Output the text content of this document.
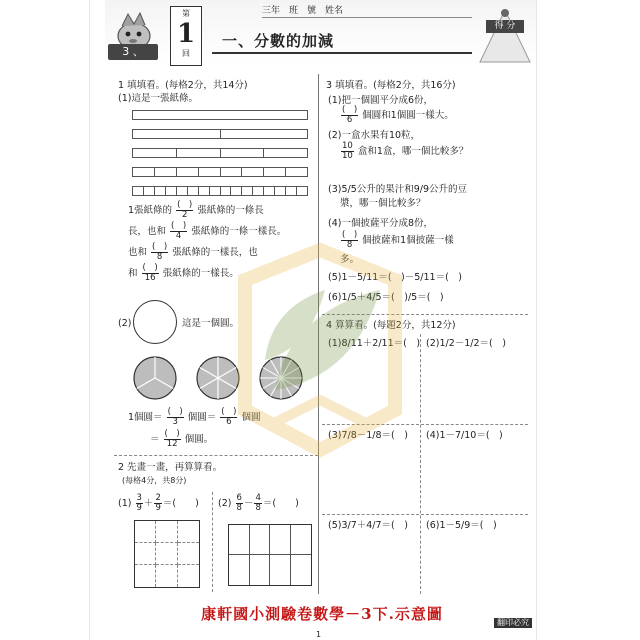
3 、
第
1
回
一、分數的加減
三年　班　號　姓名
得 分
1 填填看。(每格2分，共14分)
(1)這是一張紙條。
1張紙條的 $\frac{( )}{2}$ 張紙條的一條長
長，也和 $\frac{( )}{4}$ 張紙條的一條一樣長。
也和 $\frac{( )}{8}$ 張紙條的一樣長，也
和 $\frac{( )}{16}$ 張紙條的一樣長。
(2)	這是一個圓。
1個圓＝ $\frac{( )}{3}$ 個圓＝ $\frac{( )}{6}$ 個圓
＝ $\frac{( )}{12}$ 個圓。
2 先畫一畫，再算算看。
(每格4分，共8分)
$(1) \frac{3}{9} + \frac{2}{9}$ ＝(　　) $(2) \frac{6}{8} - \frac{4}{8}$ ＝(　　)
3 填填看。(每格2分，共16分)
(1)把一個圓平分成6份，
$\frac{( )}{6}$ 個圓和1個圓一樣大。
(2)一盒水果有10粒，
$\frac{10}{10}$ 盒和1盒，哪一個比較多？
(3)5/5公升的果汁和9/9公升的豆
漿，哪一個比較多？
(4)一個披薩平分成8份，
$\frac{( )}{8}$ 個披薩和1個披薩一樣
多。
(5)1－5/11＝(　)－5/11＝(　)
(6)1/5＋4/5＝(　)/5＝(　)
4 算算看。(每題2分，共12分)
(1)8/11＋2/11＝(　) (2)1/2－1/2＝(　)
(3)7/8－1/8＝(　) (4)1－7/10＝(　)
(5)3/7＋4/7＝(　) (6)1－5/9＝(　)
康軒國小測驗卷數學－3下.示意圖	翻印必究
1
